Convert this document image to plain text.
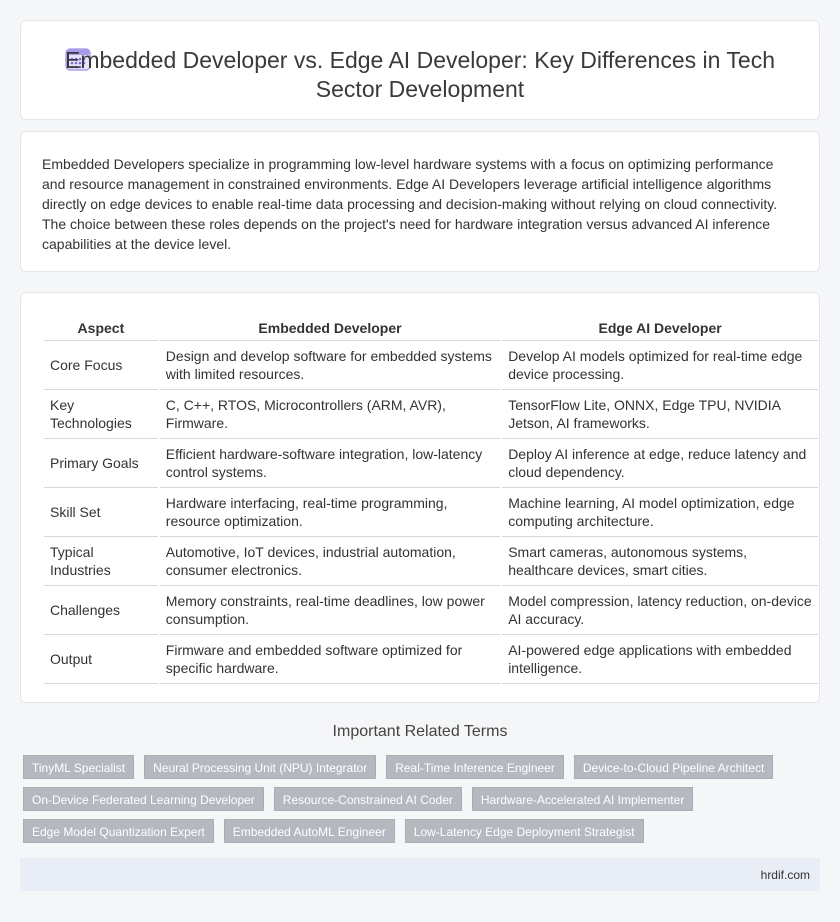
Embedded Developer vs. Edge AI Developer: Key Differences in Tech Sector Development

Embedded Developers specialize in programming low-level hardware systems with a focus on optimizing performance and resource management in constrained environments. Edge AI Developers leverage artificial intelligence algorithms directly on edge devices to enable real-time data processing and decision-making without relying on cloud connectivity. The choice between these roles depends on the project's need for hardware integration versus advanced AI inference capabilities at the device level.

Aspect	Embedded Developer	Edge AI Developer
Core Focus	Design and develop software for embedded systems with limited resources.	Develop AI models optimized for real-time edge device processing.
Key Technologies	C, C++, RTOS, Microcontrollers (ARM, AVR), Firmware.	TensorFlow Lite, ONNX, Edge TPU, NVIDIA Jetson, AI frameworks.
Primary Goals	Efficient hardware-software integration, low-latency control systems.	Deploy AI inference at edge, reduce latency and cloud dependency.
Skill Set	Hardware interfacing, real-time programming, resource optimization.	Machine learning, AI model optimization, edge computing architecture.
Typical Industries	Automotive, IoT devices, industrial automation, consumer electronics.	Smart cameras, autonomous systems, healthcare devices, smart cities.
Challenges	Memory constraints, real-time deadlines, low power consumption.	Model compression, latency reduction, on-device AI accuracy.
Output	Firmware and embedded software optimized for specific hardware.	AI-powered edge applications with embedded intelligence.
Important Related Terms
TinyML Specialist	Neural Processing Unit (NPU) Integrator	Real-Time Inference Engineer	Device-to-Cloud Pipeline Architect
On-Device Federated Learning Developer	Resource-Constrained AI Coder	Hardware-Accelerated AI Implementer
Edge Model Quantization Expert	Embedded AutoML Engineer	Low-Latency Edge Deployment Strategist
hrdif.com
